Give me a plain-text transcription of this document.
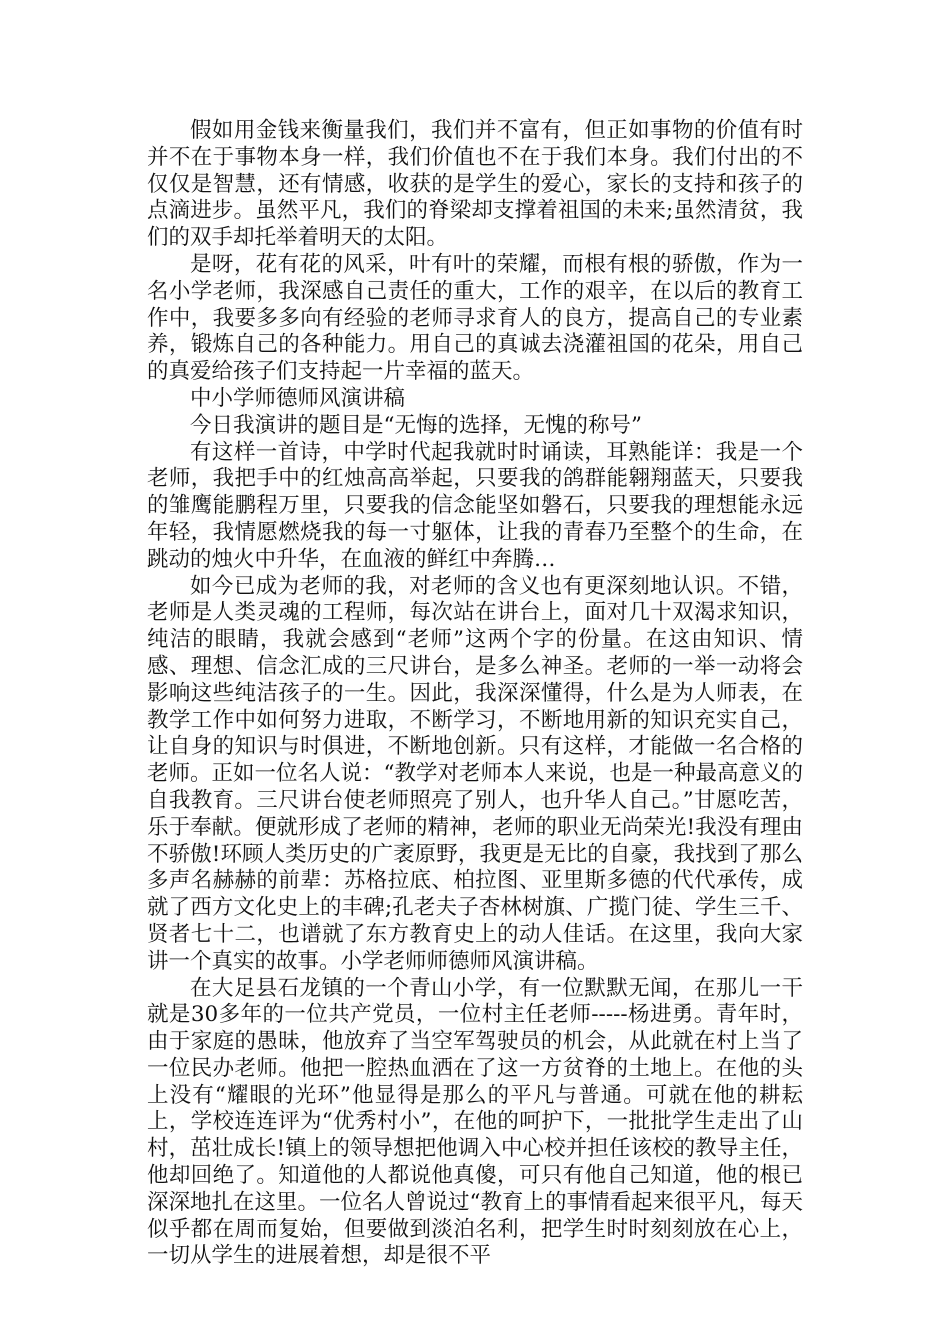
假如用金钱来衡量我们，我们并不富有，但正如事物的价值有时并不在于事物本身一样，我们价值也不在于我们本身。我们付出的不仅仅是智慧，还有情感，收获的是学生的爱心，家长的支持和孩子的点滴进步。虽然平凡，我们的脊梁却支撑着祖国的未来;虽然清贫，我们的双手却托举着明天的太阳。

是呀，花有花的风采，叶有叶的荣耀，而根有根的骄傲，作为一名小学老师，我深感自己责任的重大，工作的艰辛，在以后的教育工作中，我要多多向有经验的老师寻求育人的良方，提高自己的专业素养，锻炼自己的各种能力。用自己的真诚去浇灌祖国的花朵，用自己的真爱给孩子们支持起一片幸福的蓝天。

中小学师德师风演讲稿

今日我演讲的题目是“无悔的选择，无愧的称号”

有这样一首诗，中学时代起我就时时诵读，耳熟能详：我是一个老师，我把手中的红烛高高举起，只要我的鸽群能翱翔蓝天，只要我的雏鹰能鹏程万里，只要我的信念能坚如磐石，只要我的理想能永远年轻，我情愿燃烧我的每一寸躯体，让我的青春乃至整个的生命，在跳动的烛火中升华，在血液的鲜红中奔腾…

如今已成为老师的我，对老师的含义也有更深刻地认识。不错，老师是人类灵魂的工程师，每次站在讲台上，面对几十双渴求知识，纯洁的眼睛，我就会感到“老师”这两个字的份量。在这由知识、情感、理想、信念汇成的三尺讲台，是多么神圣。老师的一举一动将会影响这些纯洁孩子的一生。因此，我深深懂得，什么是为人师表，在教学工作中如何努力进取，不断学习，不断地用新的知识充实自己，让自身的知识与时俱进，不断地创新。只有这样，才能做一名合格的老师。正如一位名人说：“教学对老师本人来说，也是一种最高意义的自我教育。三尺讲台使老师照亮了别人，也升华人自己。”甘愿吃苦，乐于奉献。便就形成了老师的精神，老师的职业无尚荣光!我没有理由不骄傲!环顾人类历史的广袤原野，我更是无比的自豪，我找到了那么多声名赫赫的前辈：苏格拉底、柏拉图、亚里斯多德的代代承传，成就了西方文化史上的丰碑;孔老夫子杏林树旗、广揽门徒、学生三千、贤者七十二，也谱就了东方教育史上的动人佳话。在这里，我向大家讲一个真实的故事。小学老师师德师风演讲稿。

在大足县石龙镇的一个青山小学，有一位默默无闻，在那儿一干就是30多年的一位共产党员，一位村主任老师-----杨进勇。青年时，由于家庭的愚昧，他放弃了当空军驾驶员的机会，从此就在村上当了一位民办老师。他把一腔热血洒在了这一方贫脊的土地上。在他的头上没有“耀眼的光环”他显得是那么的平凡与普通。可就在他的耕耘上，学校连连评为“优秀村小”，在他的呵护下，一批批学生走出了山村，茁壮成长!镇上的领导想把他调入中心校并担任该校的教导主任，他却回绝了。知道他的人都说他真傻，可只有他自己知道，他的根已深深地扎在这里。一位名人曾说过“教育上的事情看起来很平凡，每天似乎都在周而复始，但要做到淡泊名利，把学生时时刻刻放在心上，一切从学生的进展着想，却是很不平
